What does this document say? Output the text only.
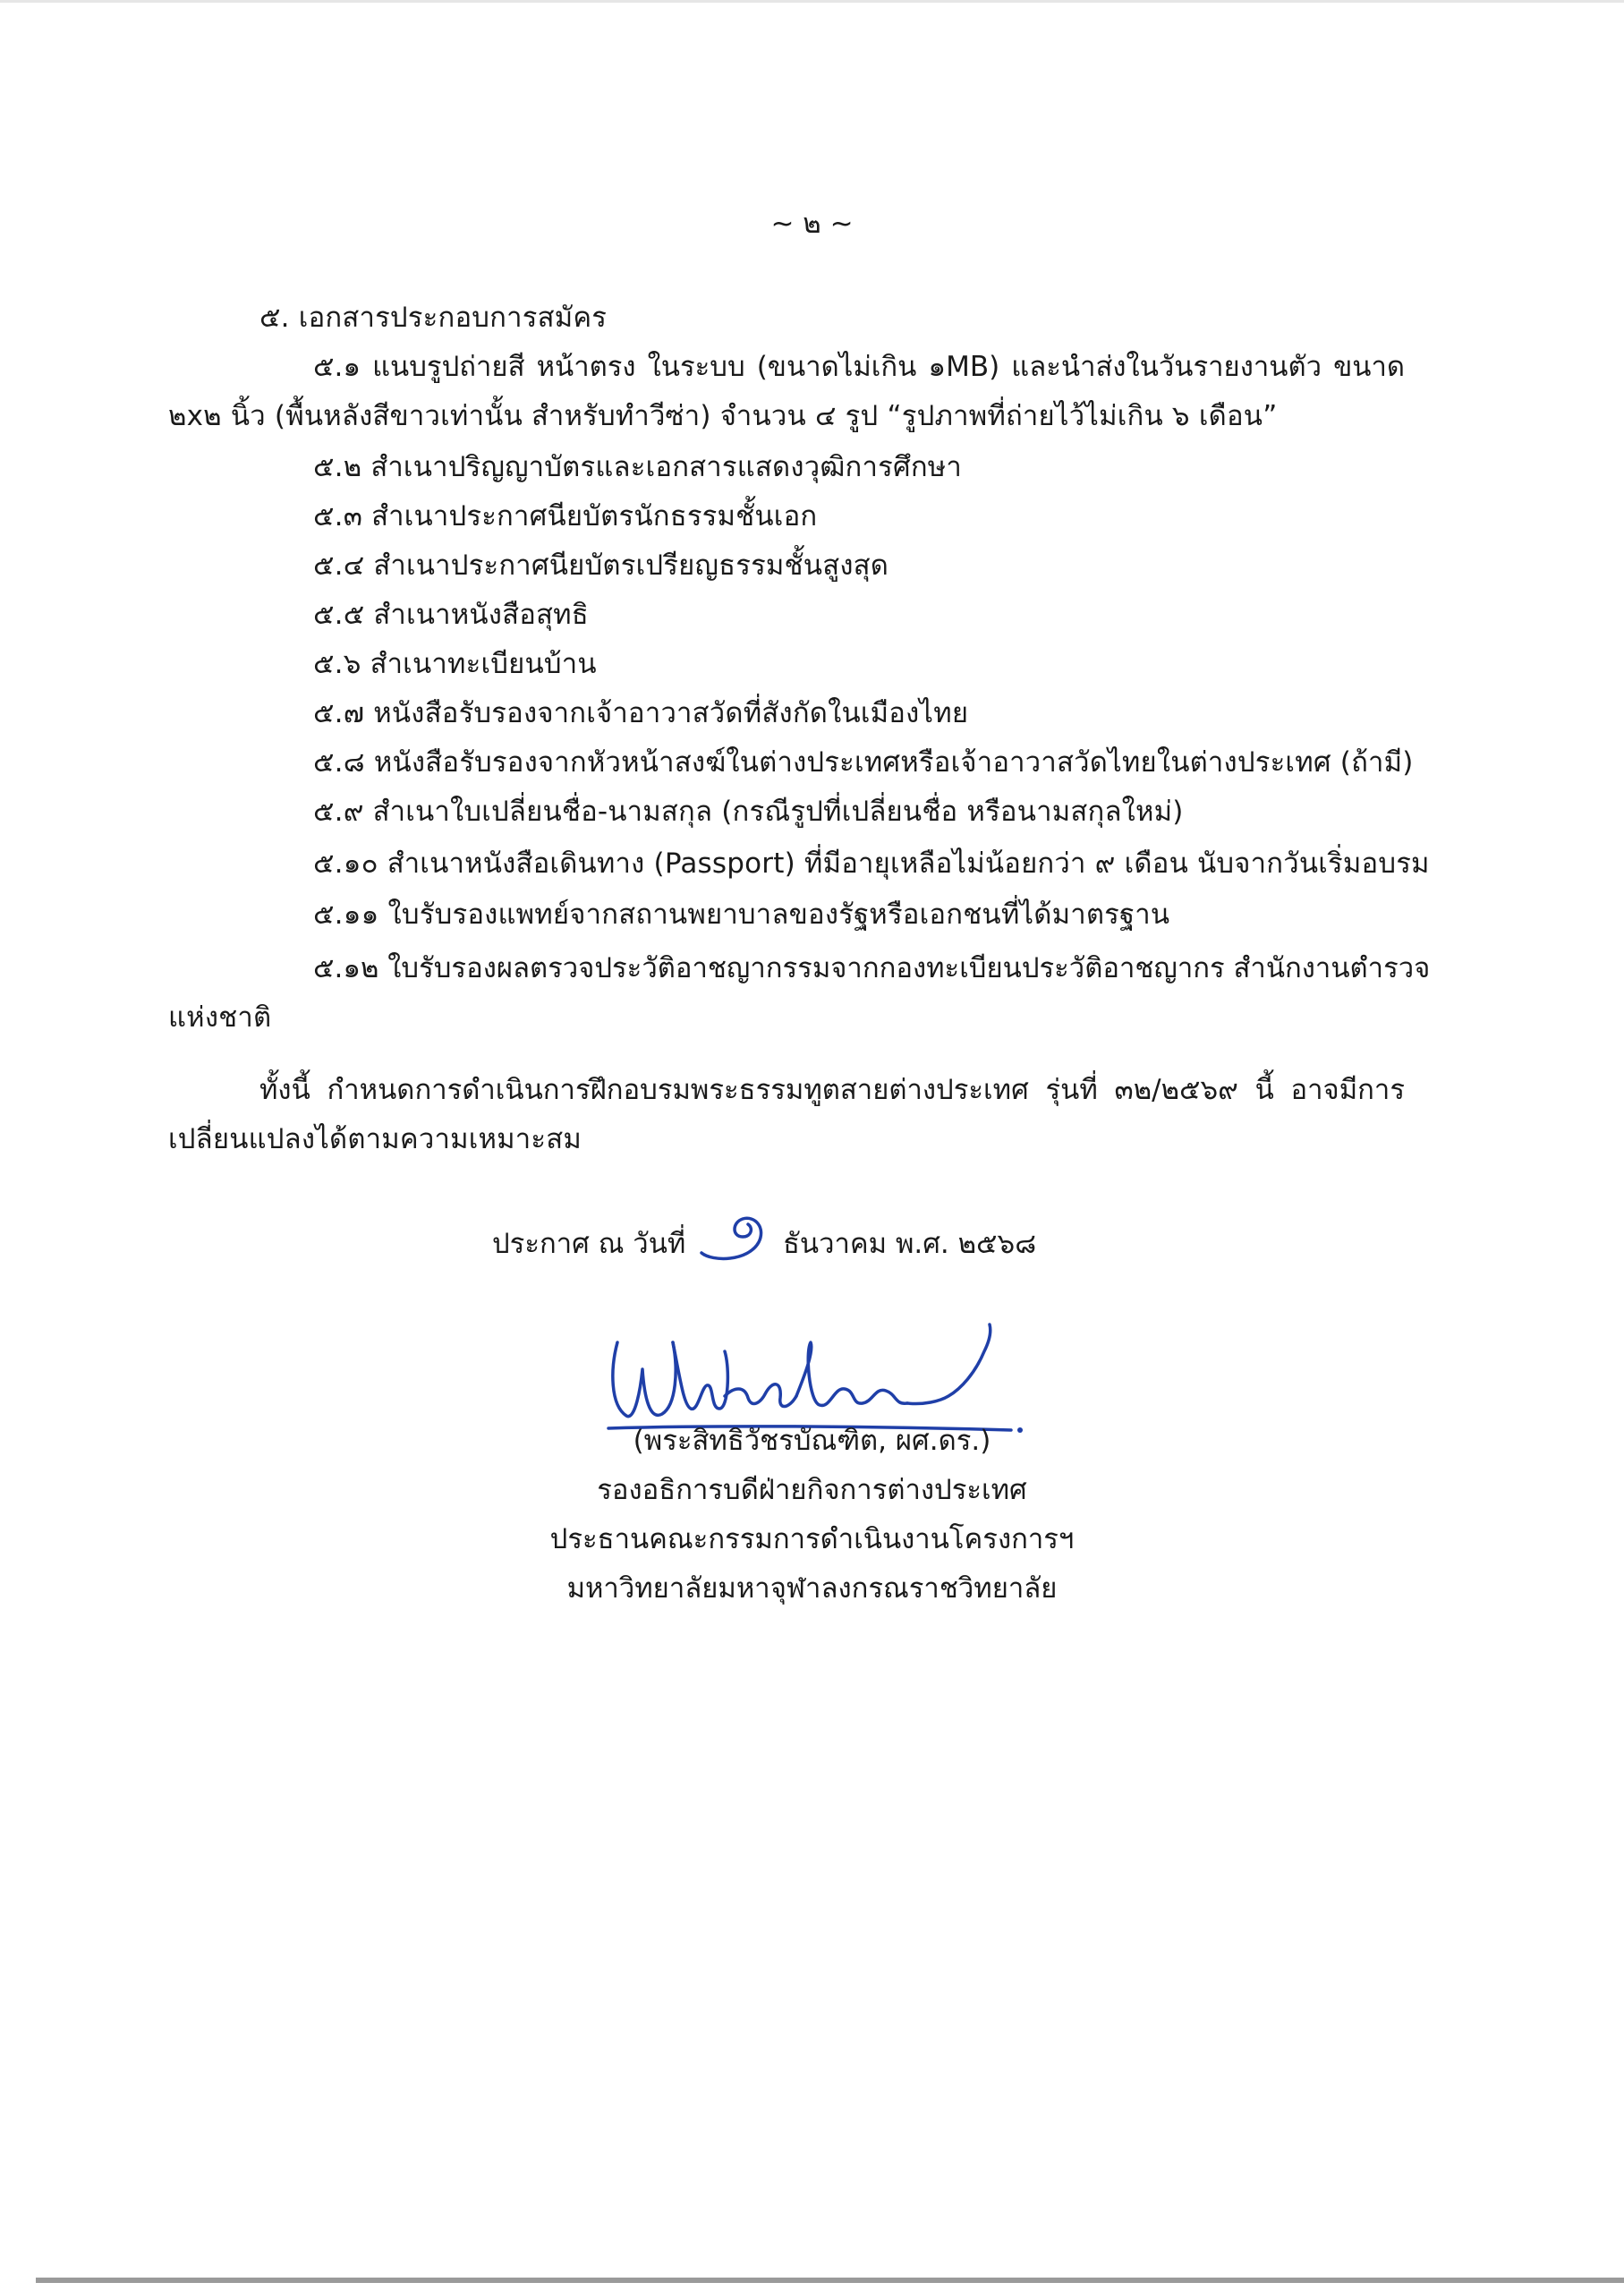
~ ๒ ~
๕. เอกสารประกอบการสมัคร
๕.๑ แนบรูปถ่ายสี หน้าตรง ในระบบ (ขนาดไม่เกิน ๑MB) และนำส่งในวันรายงานตัว ขนาด
๒x๒ นิ้ว (พื้นหลังสีขาวเท่านั้น สำหรับทำวีซ่า) จำนวน ๔ รูป “รูปภาพที่ถ่ายไว้ไม่เกิน ๖ เดือน”
๕.๒ สำเนาปริญญาบัตรและเอกสารแสดงวุฒิการศึกษา
๕.๓ สำเนาประกาศนียบัตรนักธรรมชั้นเอก
๕.๔ สำเนาประกาศนียบัตรเปรียญธรรมชั้นสูงสุด
๕.๕ สำเนาหนังสือสุทธิ
๕.๖ สำเนาทะเบียนบ้าน
๕.๗ หนังสือรับรองจากเจ้าอาวาสวัดที่สังกัดในเมืองไทย
๕.๘ หนังสือรับรองจากหัวหน้าสงฆ์ในต่างประเทศหรือเจ้าอาวาสวัดไทยในต่างประเทศ (ถ้ามี)
๕.๙ สำเนาใบเปลี่ยนชื่อ-นามสกุล (กรณีรูปที่เปลี่ยนชื่อ หรือนามสกุลใหม่)
๕.๑๐ สำเนาหนังสือเดินทาง (Passport) ที่มีอายุเหลือไม่น้อยกว่า ๙ เดือน นับจากวันเริ่มอบรม
๕.๑๑ ใบรับรองแพทย์จากสถานพยาบาลของรัฐหรือเอกชนที่ได้มาตรฐาน
๕.๑๒ ใบรับรองผลตรวจประวัติอาชญากรรมจากกองทะเบียนประวัติอาชญากร สำนักงานตำรวจ
แห่งชาติ
ทั้งนี้ กำหนดการดำเนินการฝึกอบรมพระธรรมทูตสายต่างประเทศ รุ่นที่ ๓๒/๒๕๖๙ นี้ อาจมีการ
เปลี่ยนแปลงได้ตามความเหมาะสม
ประกาศ ณ วันที่	ธันวาคม พ.ศ. ๒๕๖๘
(พระสิทธิวัชรบัณฑิต, ผศ.ดร.)
รองอธิการบดีฝ่ายกิจการต่างประเทศ
ประธานคณะกรรมการดำเนินงานโครงการฯ
มหาวิทยาลัยมหาจุฬาลงกรณราชวิทยาลัย
